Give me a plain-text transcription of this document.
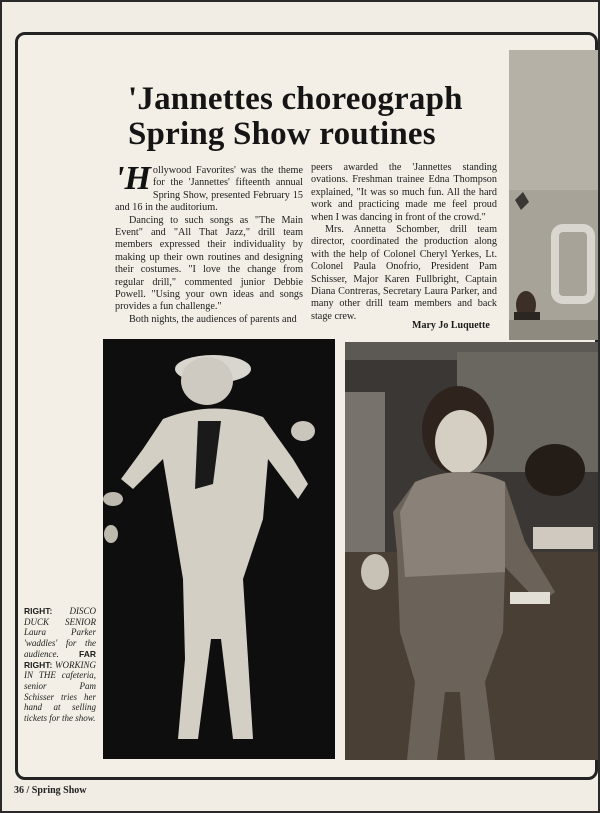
'Jannettes choreograph Spring Show routines

'Hollywood Favorites' was the theme for the 'Jannettes' fifteenth annual Spring Show, presented February 15 and 16 in the auditorium.

Dancing to such songs as "The Main Event" and "All That Jazz," drill team members expressed their individuality by making up their own routines and designing their costumes. "I love the change from regular drill," commented junior Debbie Powell. "Using your own ideas and songs provides a fun challenge."

Both nights, the audiences of parents and

peers awarded the 'Jannettes standing ovations. Freshman trainee Edna Thompson explained, "It was so much fun. All the hard work and practicing made me feel proud when I was dancing in front of the crowd."

Mrs. Annetta Schomber, drill team director, coordinated the production along with the help of Colonel Cheryl Yerkes, Lt. Colonel Paula Onofrio, President Pam Schisser, Major Karen Fullbright, Captain Diana Contreras, Secretary Laura Parker, and many other drill team members and back stage crew.

Mary Jo Luquette
RIGHT: DISCO DUCK SENIOR Laura Parker 'waddles' for the audience. FAR RIGHT: WORKING IN THE cafeteria, senior Pam Schisser tries her hand at selling tickets for the show.
36 / Spring Show
